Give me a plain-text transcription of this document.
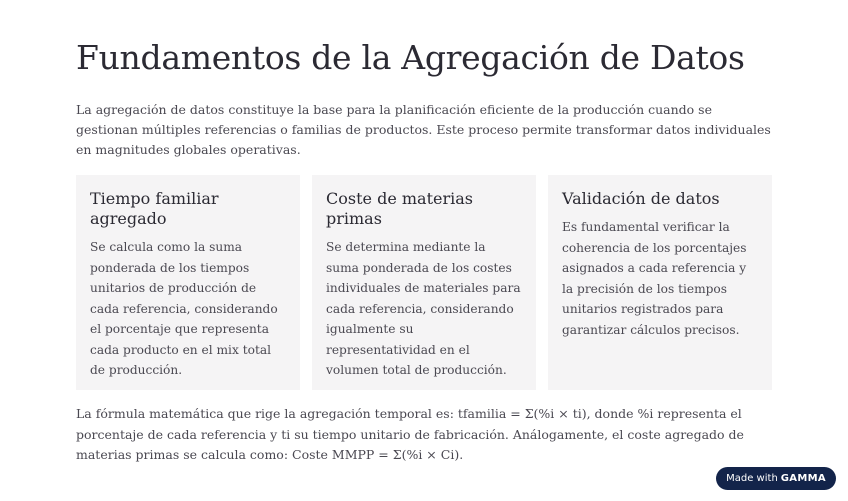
Fundamentos de la Agregación de Datos

La agregación de datos constituye la base para la planificación eficiente de la producción cuando se gestionan múltiples referencias o familias de productos. Este proceso permite transformar datos individuales en magnitudes globales operativas.

Tiempo familiar agregado

Se calcula como la suma ponderada de los tiempos unitarios de producción de cada referencia, considerando el porcentaje que representa cada producto en el mix total de producción.

Coste de materias primas

Se determina mediante la suma ponderada de los costes individuales de materiales para cada referencia, considerando igualmente su representatividad en el volumen total de producción.

Validación de datos

Es fundamental verificar la coherencia de los porcentajes asignados a cada referencia y la precisión de los tiempos unitarios registrados para garantizar cálculos precisos.

La fórmula matemática que rige la agregación temporal es: tfamilia = Σ(%i × ti), donde %i representa el porcentaje de cada referencia y ti su tiempo unitario de fabricación. Análogamente, el coste agregado de materias primas se calcula como: Coste MMPP = Σ(%i × Ci).

Made with GAMMA
